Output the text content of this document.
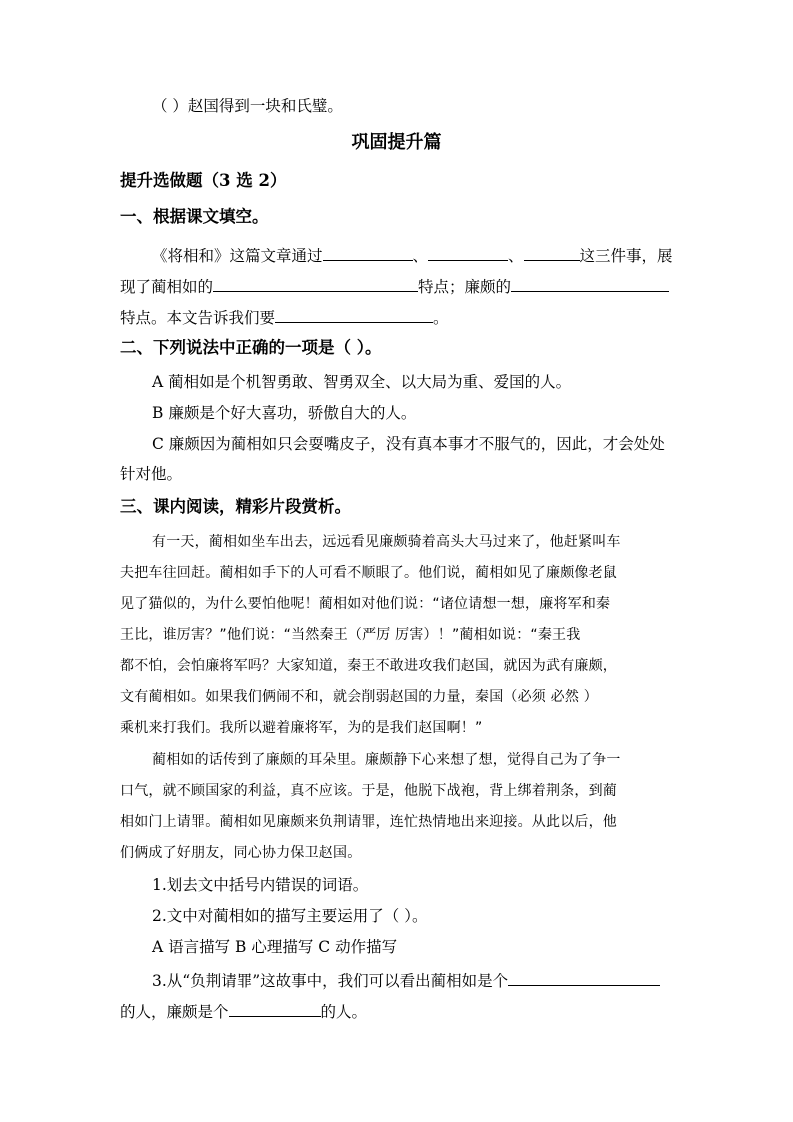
（ ）赵国得到一块和氏璧。
巩固提升篇
提升选做题（3 选 2）
一、根据课文填空。
《将相和》这篇文章通过	、	、	这三件事，展
现了蔺相如的	特点；廉颇的
特点。本文告诉我们要	。
二、下列说法中正确的一项是（ ）。
A 蔺相如是个机智勇敢、智勇双全、以大局为重、爱国的人。
B 廉颇是个好大喜功，骄傲自大的人。
C 廉颇因为蔺相如只会耍嘴皮子，没有真本事才不服气的，因此，才会处处
针对他。
三、课内阅读，精彩片段赏析。
有一天，蔺相如坐车出去，远远看见廉颇骑着高头大马过来了，他赶紧叫车
夫把车往回赶。蔺相如手下的人可看不顺眼了。他们说，蔺相如见了廉颇像老鼠
见了猫似的，为什么要怕他呢！蔺相如对他们说：“诸位请想一想，廉将军和秦
王比，谁厉害？”他们说：“当然秦王（严厉 厉害）！”蔺相如说：“秦王我
都不怕，会怕廉将军吗？大家知道，秦王不敢进攻我们赵国，就因为武有廉颇，
文有蔺相如。如果我们俩闹不和，就会削弱赵国的力量，秦国（必须 必然 ）
乘机来打我们。我所以避着廉将军，为的是我们赵国啊！”
蔺相如的话传到了廉颇的耳朵里。廉颇静下心来想了想，觉得自己为了争一
口气，就不顾国家的利益，真不应该。于是，他脱下战袍，背上绑着荆条，到蔺
相如门上请罪。蔺相如见廉颇来负荆请罪，连忙热情地出来迎接。从此以后，他
们俩成了好朋友，同心协力保卫赵国。
1.划去文中括号内错误的词语。
2.文中对蔺相如的描写主要运用了（ ）。
A 语言描写 B 心理描写 C 动作描写
3.从“负荆请罪”这故事中，我们可以看出蔺相如是个
的人，廉颇是个	的人。
